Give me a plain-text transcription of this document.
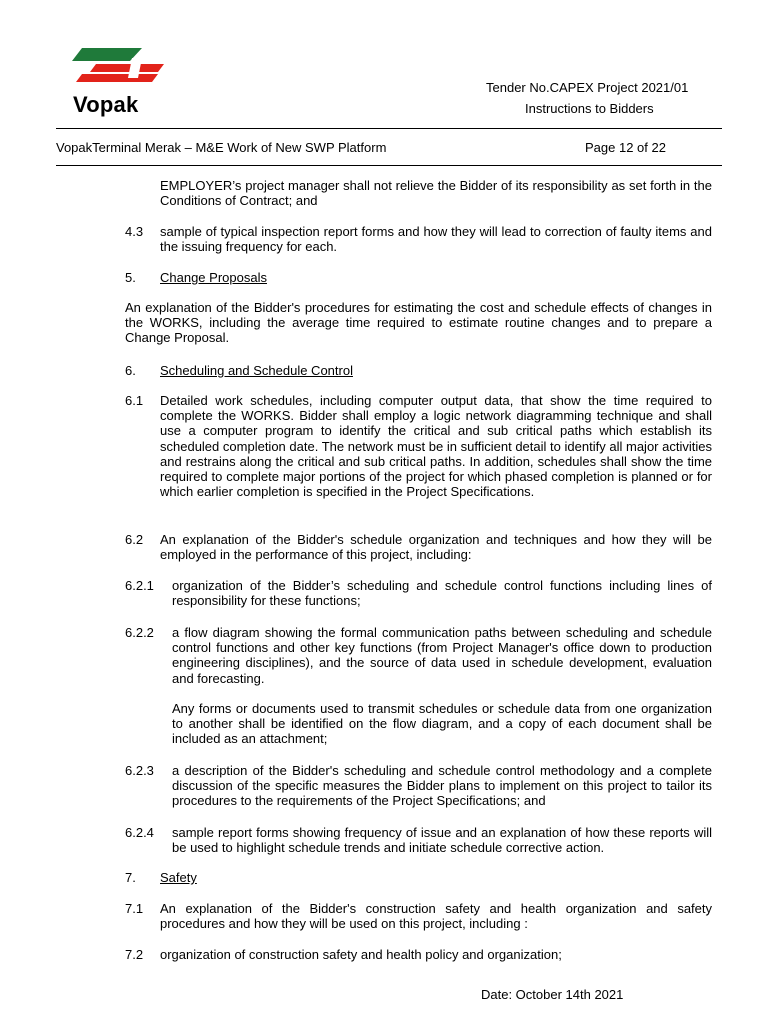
Vopak
Tender No.CAPEX Project 2021/01
Instructions to Bidders
VopakTerminal Merak – M&E Work of New SWP Platform	Page 12 of 22
EMPLOYER’s project manager shall not relieve the Bidder of its responsibility as set forth in the Conditions of Contract; and
4.3 sample of typical inspection report forms and how they will lead to correction of faulty items and the issuing frequency for each.
5. Change Proposals
An explanation of the Bidder's procedures for estimating the cost and schedule effects of changes in the WORKS, including the average time required to estimate routine changes and to prepare a Change Proposal.
6. Scheduling and Schedule Control
6.1 Detailed work schedules, including computer output data, that show the time required to complete the WORKS. Bidder shall employ a logic network diagramming technique and shall use a computer program to identify the critical and sub critical paths which establish its scheduled completion date. The network must be in sufficient detail to identify all major activities and restrains along the critical and sub critical paths. In addition, schedules shall show the time required to complete major portions of the project for which phased completion is planned or for which earlier completion is specified in the Project Specifications.
6.2 An explanation of the Bidder's schedule organization and techniques and how they will be employed in the performance of this project, including:
6.2.1 organization of the Bidder’s scheduling and schedule control functions including lines of responsibility for these functions;
6.2.2 a flow diagram showing the formal communication paths between scheduling and schedule control functions and other key functions (from Project Manager's office down to production engineering disciplines), and the source of data used in schedule development, evaluation and forecasting.
Any forms or documents used to transmit schedules or schedule data from one organization to another shall be identified on the flow diagram, and a copy of each document shall be included as an attachment;
6.2.3 a description of the Bidder's scheduling and schedule control methodology and a complete discussion of the specific measures the Bidder plans to implement on this project to tailor its procedures to the requirements of the Project Specifications; and
6.2.4 sample report forms showing frequency of issue and an explanation of how these reports will be used to highlight schedule trends and initiate schedule corrective action.
7. Safety
7.1 An explanation of the Bidder's construction safety and health organization and safety procedures and how they will be used on this project, including :
7.2 organization of construction safety and health policy and organization;
Date: October 14th 2021
